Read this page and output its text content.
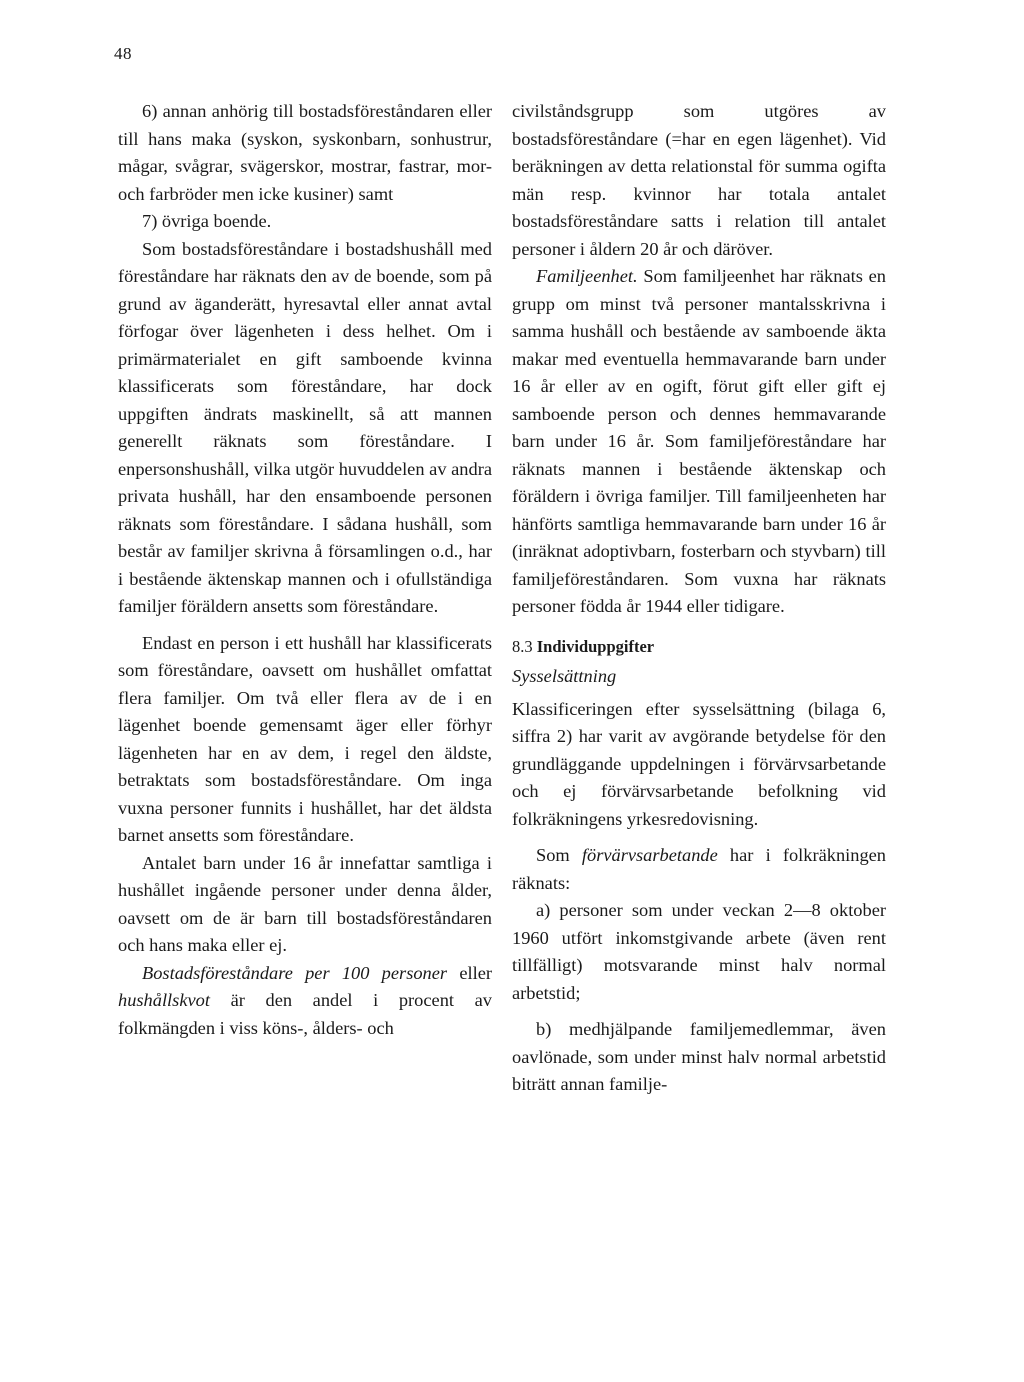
48

6) annan anhörig till bostadsföreståndaren eller till hans maka (syskon, syskonbarn, sonhustrur, mågar, svågrar, svägerskor, mostrar, fastrar, mor- och farbröder men icke kusiner) samt

7) övriga boende.

Som bostadsföreståndare i bostadshushåll med föreståndare har räknats den av de boende, som på grund av äganderätt, hyresavtal eller annat avtal förfogar över lägenheten i dess helhet. Om i primärmaterialet en gift samboende kvinna klassificerats som föreståndare, har dock uppgiften ändrats maskinellt, så att mannen generellt räknats som föreståndare. I enpersonshushåll, vilka utgör huvuddelen av andra privata hushåll, har den ensamboende personen räknats som föreståndare. I sådana hushåll, som består av familjer skrivna å församlingen o.d., har i bestående äktenskap mannen och i ofullständiga familjer föräldern ansetts som föreståndare.

Endast en person i ett hushåll har klassificerats som föreståndare, oavsett om hushållet omfattat flera familjer. Om två eller flera av de i en lägenhet boende gemensamt äger eller förhyr lägenheten har en av dem, i regel den äldste, betraktats som bostadsföreståndare. Om inga vuxna personer funnits i hushållet, har det äldsta barnet ansetts som föreståndare.

Antalet barn under 16 år innefattar samtliga i hushållet ingående personer under denna ålder, oavsett om de är barn till bostadsföreståndaren och hans maka eller ej.

Bostadsföreståndare per 100 personer eller hushållskvot är den andel i procent av folkmängden i viss köns-, ålders- och

civilståndsgrupp som utgöres av bostadsföreståndare (=har en egen lägenhet). Vid beräkningen av detta relationstal för summa ogifta män resp. kvinnor har totala antalet bostadsföreståndare satts i relation till antalet personer i åldern 20 år och däröver.

Familjeenhet. Som familjeenhet har räknats en grupp om minst två personer mantalsskrivna i samma hushåll och bestående av samboende äkta makar med eventuella hemmavarande barn under 16 år eller av en ogift, förut gift eller gift ej samboende person och dennes hemmavarande barn under 16 år. Som familjeföreståndare har räknats mannen i bestående äktenskap och föräldern i övriga familjer. Till familjeenheten har hänförts samtliga hemmavarande barn under 16 år (inräknat adoptivbarn, fosterbarn och styvbarn) till familjeföreståndaren. Som vuxna har räknats personer födda år 1944 eller tidigare.

8.3 Individuppgifter
Sysselsättning

Klassificeringen efter sysselsättning (bilaga 6, siffra 2) har varit av avgörande betydelse för den grundläggande uppdelningen i förvärvsarbetande och ej förvärvsarbetande befolkning vid folkräkningens yrkesredovisning.

Som förvärvsarbetande har i folkräkningen räknats:

a) personer som under veckan 2—8 oktober 1960 utfört inkomstgivande arbete (även rent tillfälligt) motsvarande minst halv normal arbetstid;

b) medhjälpande familjemedlemmar, även oavlönade, som under minst halv normal arbetstid biträtt annan familje-
